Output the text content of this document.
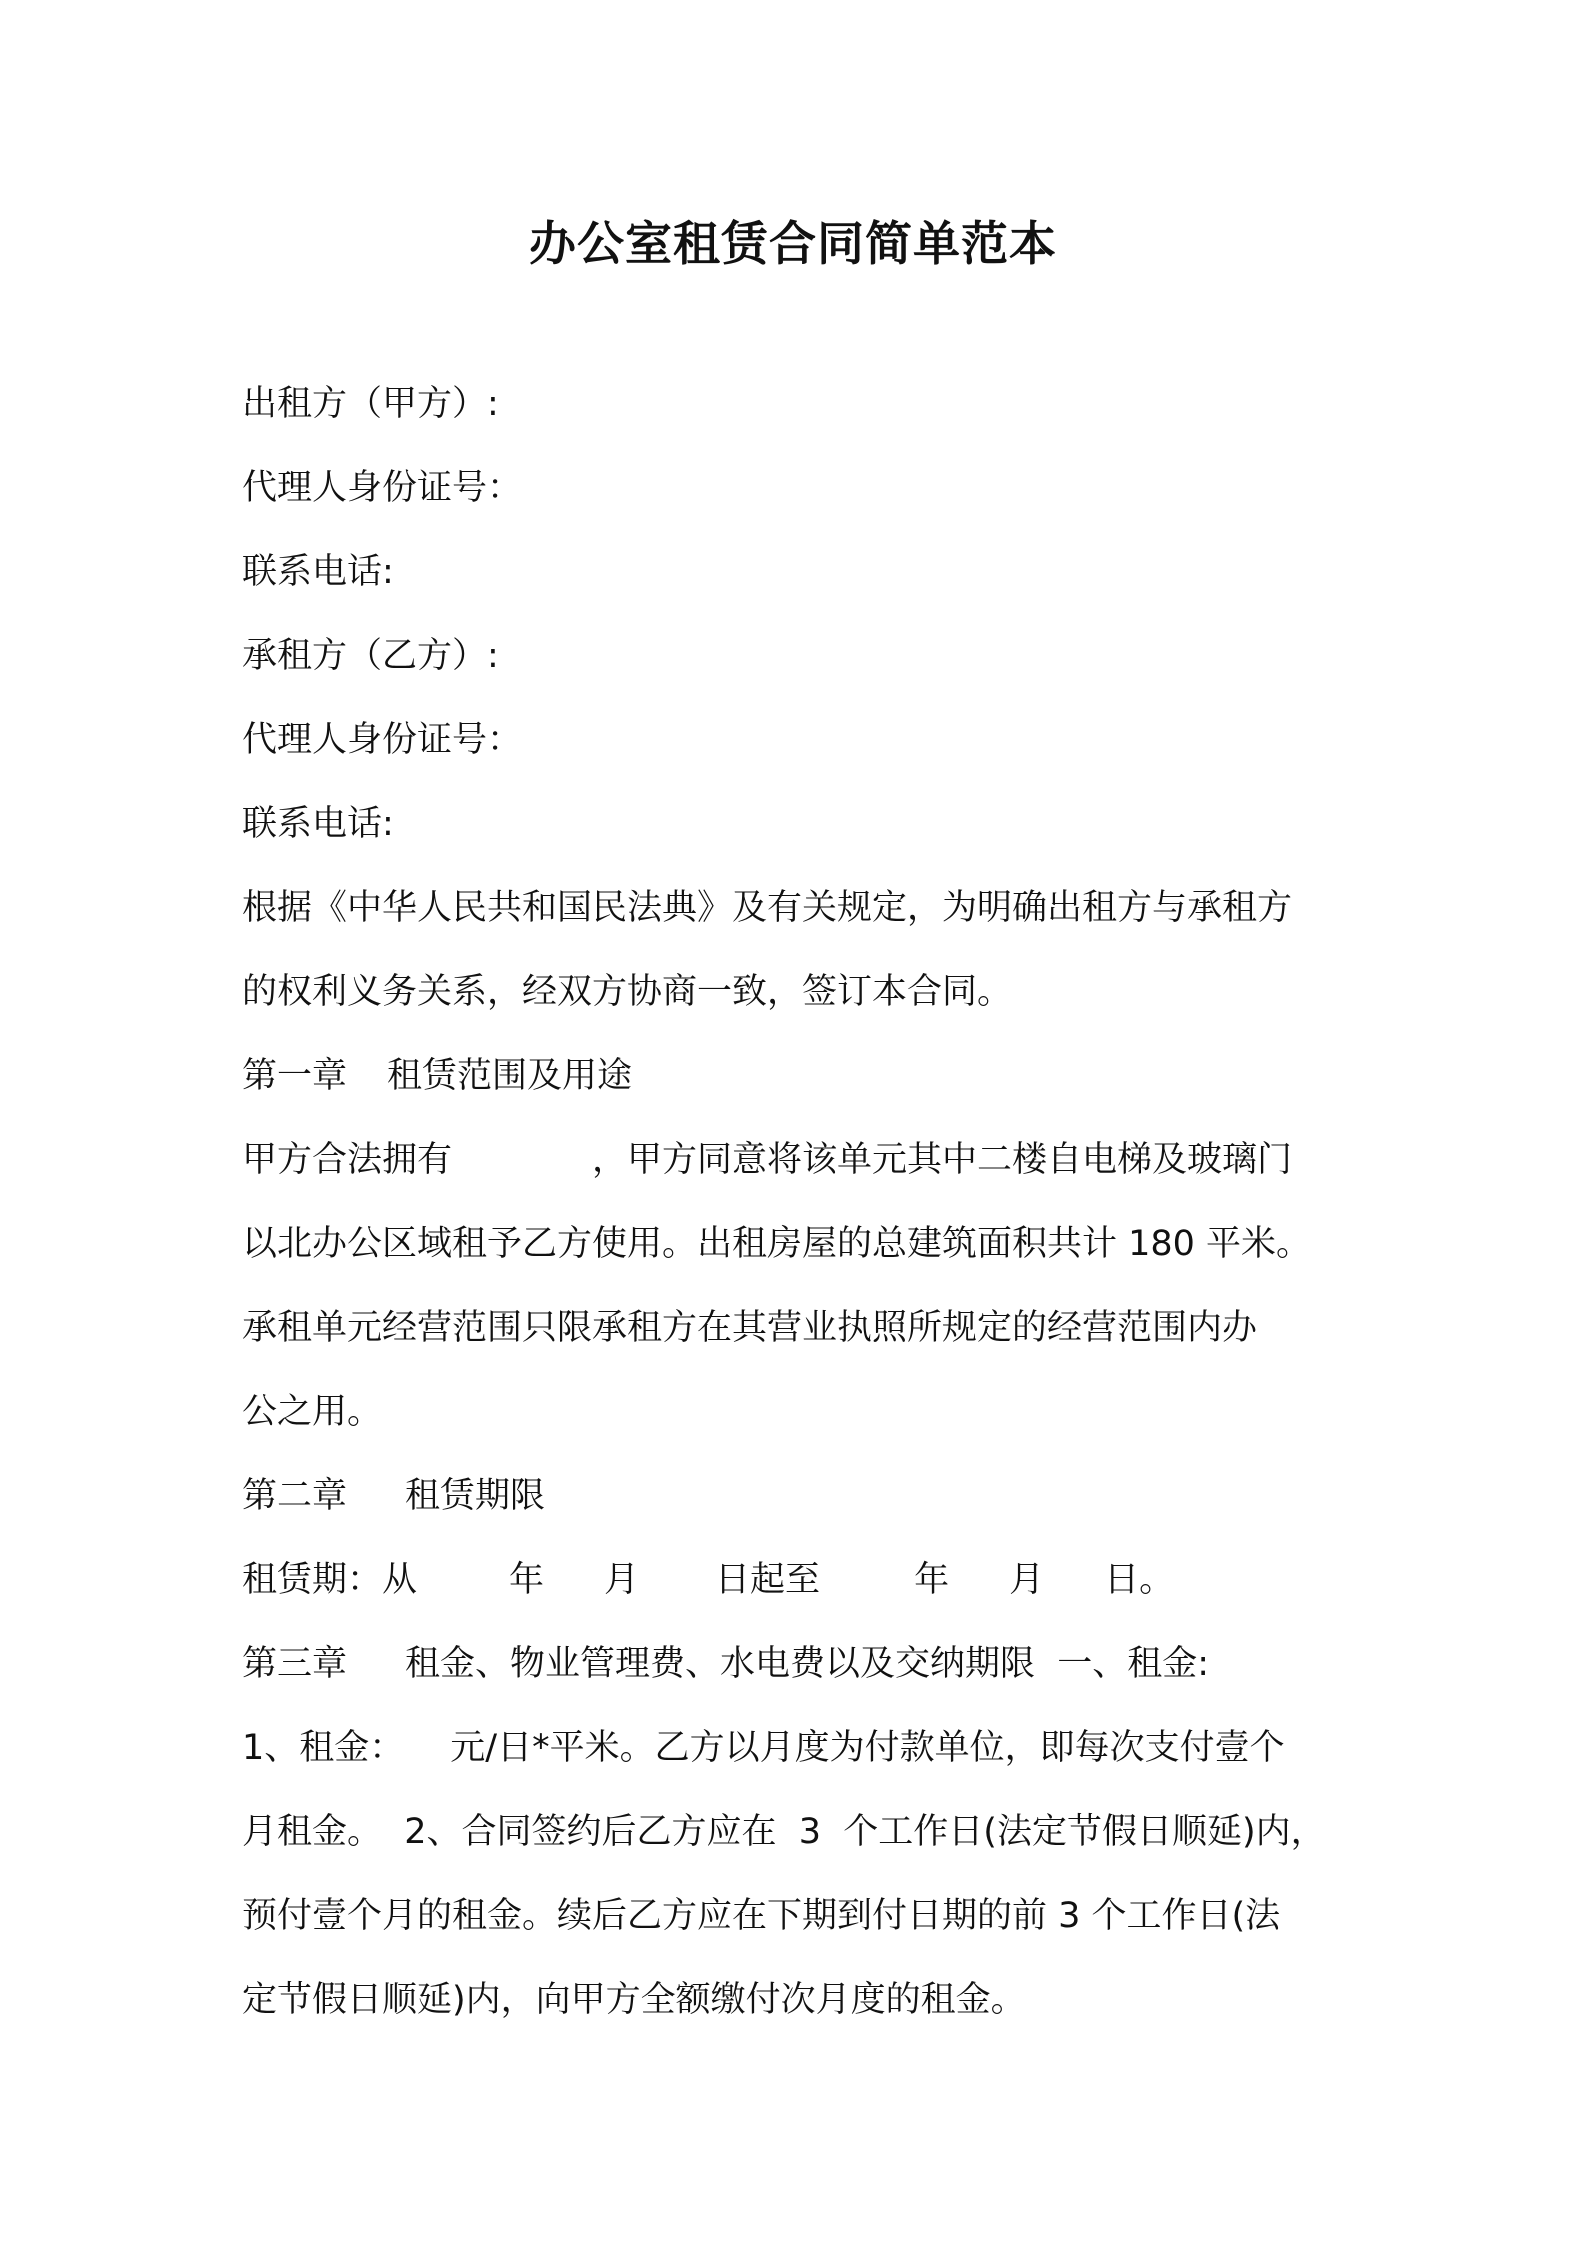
办公室租赁合同简单范本
出租方（甲方）:
代理人身份证号：
联系电话:
承租方（乙方）:
代理人身份证号：
联系电话:
根据《中华人民共和国民法典》及有关规定，为明确出租方与承租方
的权利义务关系，经双方协商一致，签订本合同。
第一章 租赁范围及用途
甲方合法拥有	，甲方同意将该单元其中二楼自电梯及玻璃门
以北办公区域租予乙方使用。出租房屋的总建筑面积共计 180 平米。
承租单元经营范围只限承租方在其营业执照所规定的经营范围内办
公之用。
第二章 租赁期限
租赁期：从	年 月 日起至	年 月 日。
第三章 租金、物业管理费、水电费以及交纳期限  一、租金:
1、租金： 元/日*平米。乙方以月度为付款单位，即每次支付壹个
月租金。  2、合同签约后乙方应在  3  个工作日(法定节假日顺延)内，
预付壹个月的租金。续后乙方应在下期到付日期的前 3 个工作日(法
定节假日顺延)内，向甲方全额缴付次月度的租金。
